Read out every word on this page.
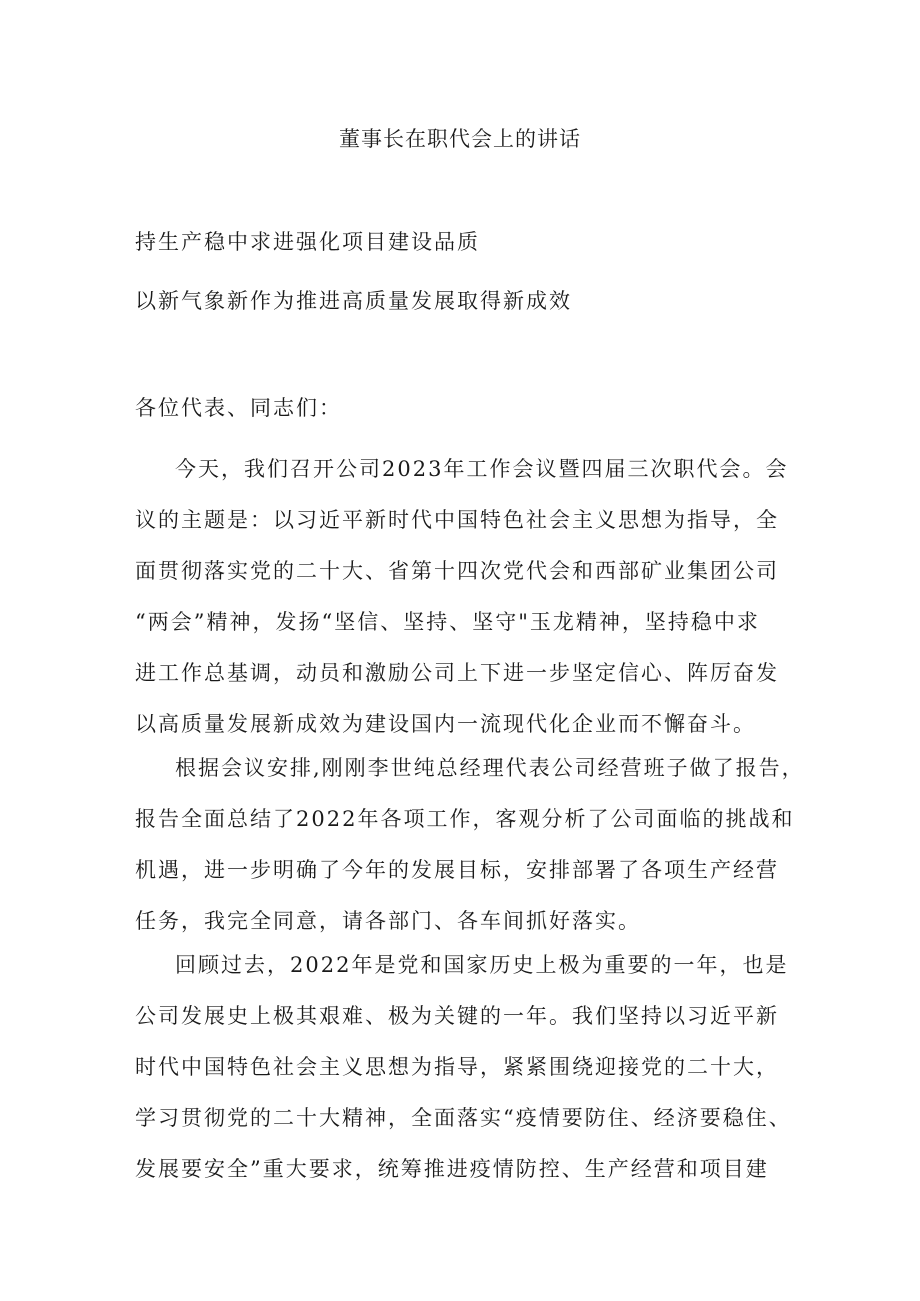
董事长在职代会上的讲话
持生产稳中求进强化项目建设品质
以新气象新作为推进高质量发展取得新成效
各位代表、同志们：
今天，我们召开公司2023年工作会议暨四届三次职代会。会
议的主题是：以习近平新时代中国特色社会主义思想为指导，全
面贯彻落实党的二十大、省第十四次党代会和西部矿业集团公司
“两会”精神，发扬“坚信、坚持、坚守"玉龙精神，坚持稳中求
进工作总基调，动员和激励公司上下进一步坚定信心、阵厉奋发
以高质量发展新成效为建设国内一流现代化企业而不懈奋斗。
根据会议安排,刚刚李世纯总经理代表公司经营班子做了报告，
报告全面总结了2022年各项工作，客观分析了公司面临的挑战和
机遇，进一步明确了今年的发展目标，安排部署了各项生产经营
任务，我完全同意，请各部门、各车间抓好落实。
回顾过去，2022年是党和国家历史上极为重要的一年，也是
公司发展史上极其艰难、极为关键的一年。我们坚持以习近平新
时代中国特色社会主义思想为指导，紧紧围绕迎接党的二十大，
学习贯彻党的二十大精神，全面落实“疫情要防住、经济要稳住、
发展要安全”重大要求，统筹推进疫情防控、生产经营和项目建
